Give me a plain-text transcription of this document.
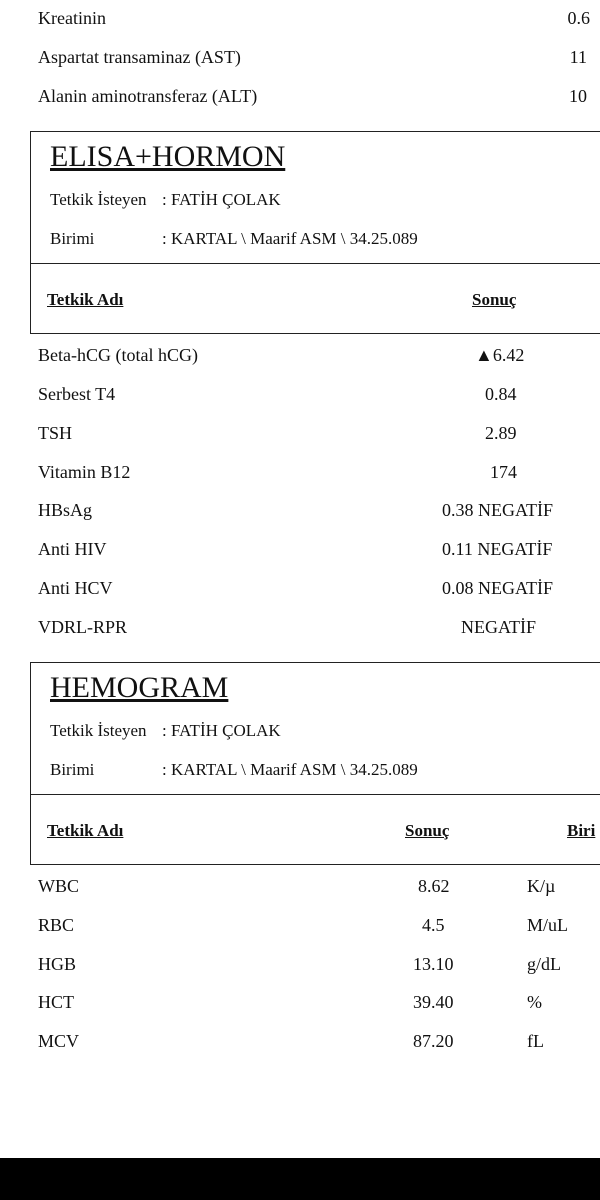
Kreatinin	0.6
Aspartat transaminaz (AST)	11
Alanin aminotransferaz (ALT)	10
ELISA+HORMON
Tetkik İsteyen : FATİH ÇOLAK
Birimi	: KARTAL \ Maarif ASM \ 34.25.089
Tetkik Adı	Sonuç
Beta-hCG (total hCG)	▲6.42
Serbest T4	0.84
TSH	2.89
Vitamin B12	174
HBsAg	0.38 NEGATİF
Anti HIV	0.11 NEGATİF
Anti HCV	0.08 NEGATİF
VDRL-RPR	NEGATİF
HEMOGRAM
Tetkik İsteyen : FATİH ÇOLAK
Birimi	: KARTAL \ Maarif ASM \ 34.25.089
Tetkik Adı	Sonuç	Biri
WBC	8.62	K/µ
RBC	4.5	M/uL
HGB	13.10	g/dL
HCT	39.40	%
MCV	87.20	fL
